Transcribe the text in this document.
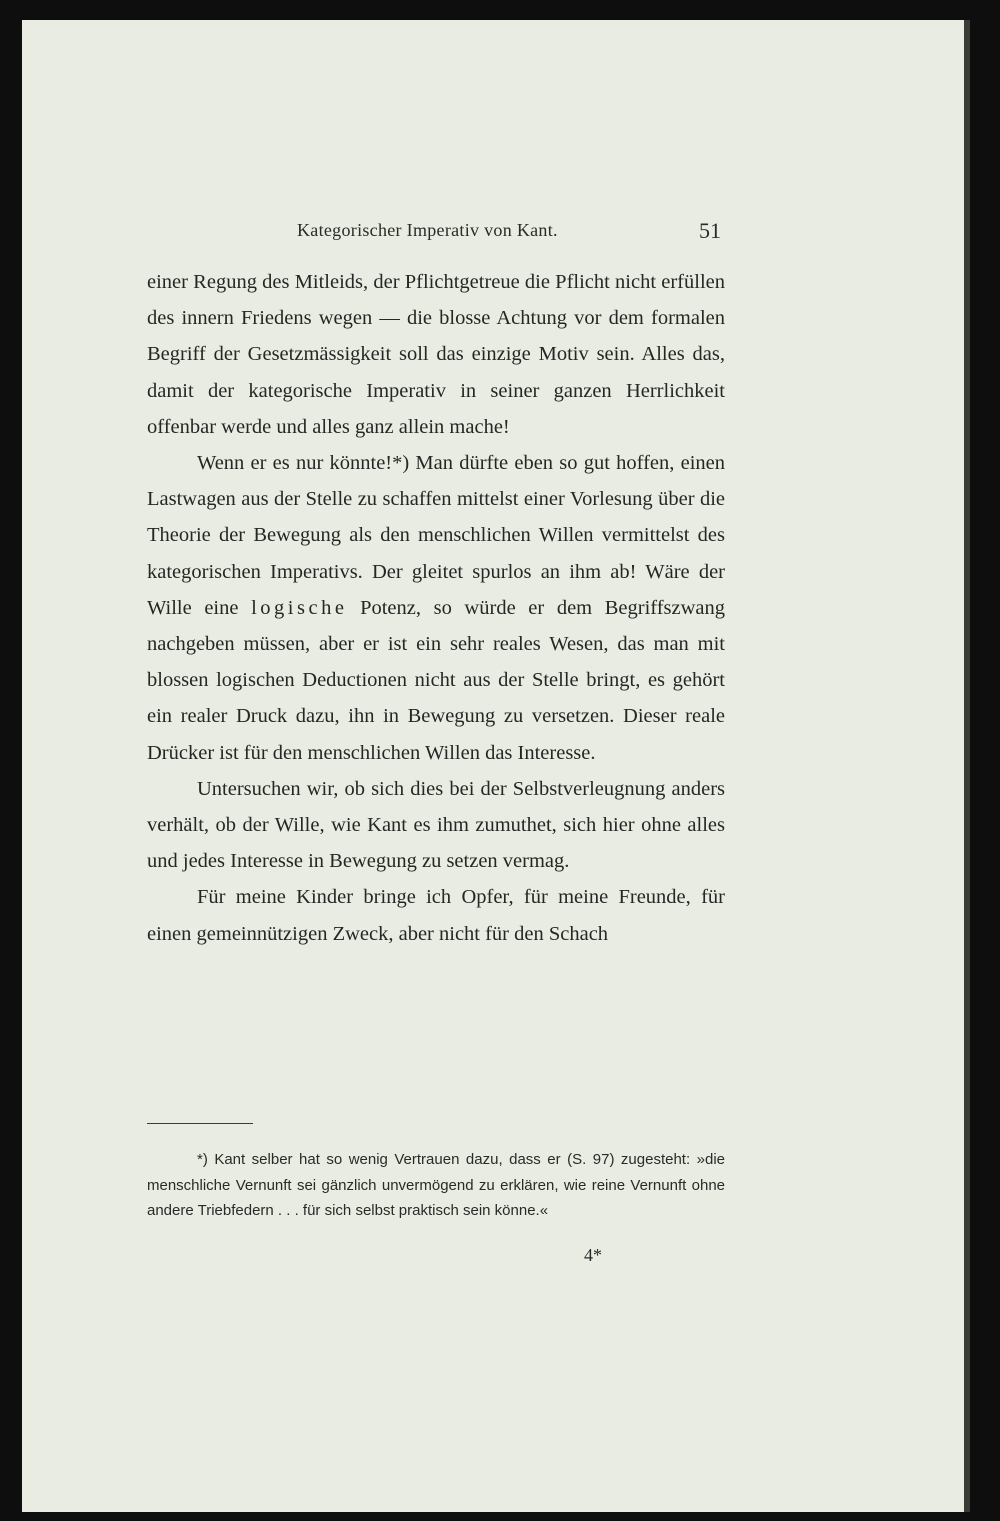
Kategorischer Imperativ von Kant.	51

einer Regung des Mitleids, der Pflichtgetreue die Pflicht nicht erfüllen des innern Friedens wegen — die blosse Achtung vor dem formalen Begriff der Gesetzmässigkeit soll das einzige Motiv sein. Alles das, damit der kategorische Imperativ in seiner ganzen Herrlichkeit offenbar werde und alles ganz allein mache!

Wenn er es nur könnte!*) Man dürfte eben so gut hoffen, einen Lastwagen aus der Stelle zu schaffen mittelst einer Vorlesung über die Theorie der Bewegung als den menschlichen Willen vermittelst des kategorischen Imperativs. Der gleitet spurlos an ihm ab! Wäre der Wille eine logische Potenz, so würde er dem Begriffszwang nachgeben müssen, aber er ist ein sehr reales Wesen, das man mit blossen logischen Deductionen nicht aus der Stelle bringt, es gehört ein realer Druck dazu, ihn in Bewegung zu versetzen. Dieser reale Drücker ist für den menschlichen Willen das Interesse.

Untersuchen wir, ob sich dies bei der Selbstverleugnung anders verhält, ob der Wille, wie Kant es ihm zumuthet, sich hier ohne alles und jedes Interesse in Bewegung zu setzen vermag.

Für meine Kinder bringe ich Opfer, für meine Freunde, für einen gemeinnützigen Zweck, aber nicht für den Schach

*) Kant selber hat so wenig Vertrauen dazu, dass er (S. 97) zugesteht: »die menschliche Vernunft sei gänzlich unvermögend zu erklären, wie reine Vernunft ohne andere Triebfedern . . . für sich selbst praktisch sein könne.«

4*
